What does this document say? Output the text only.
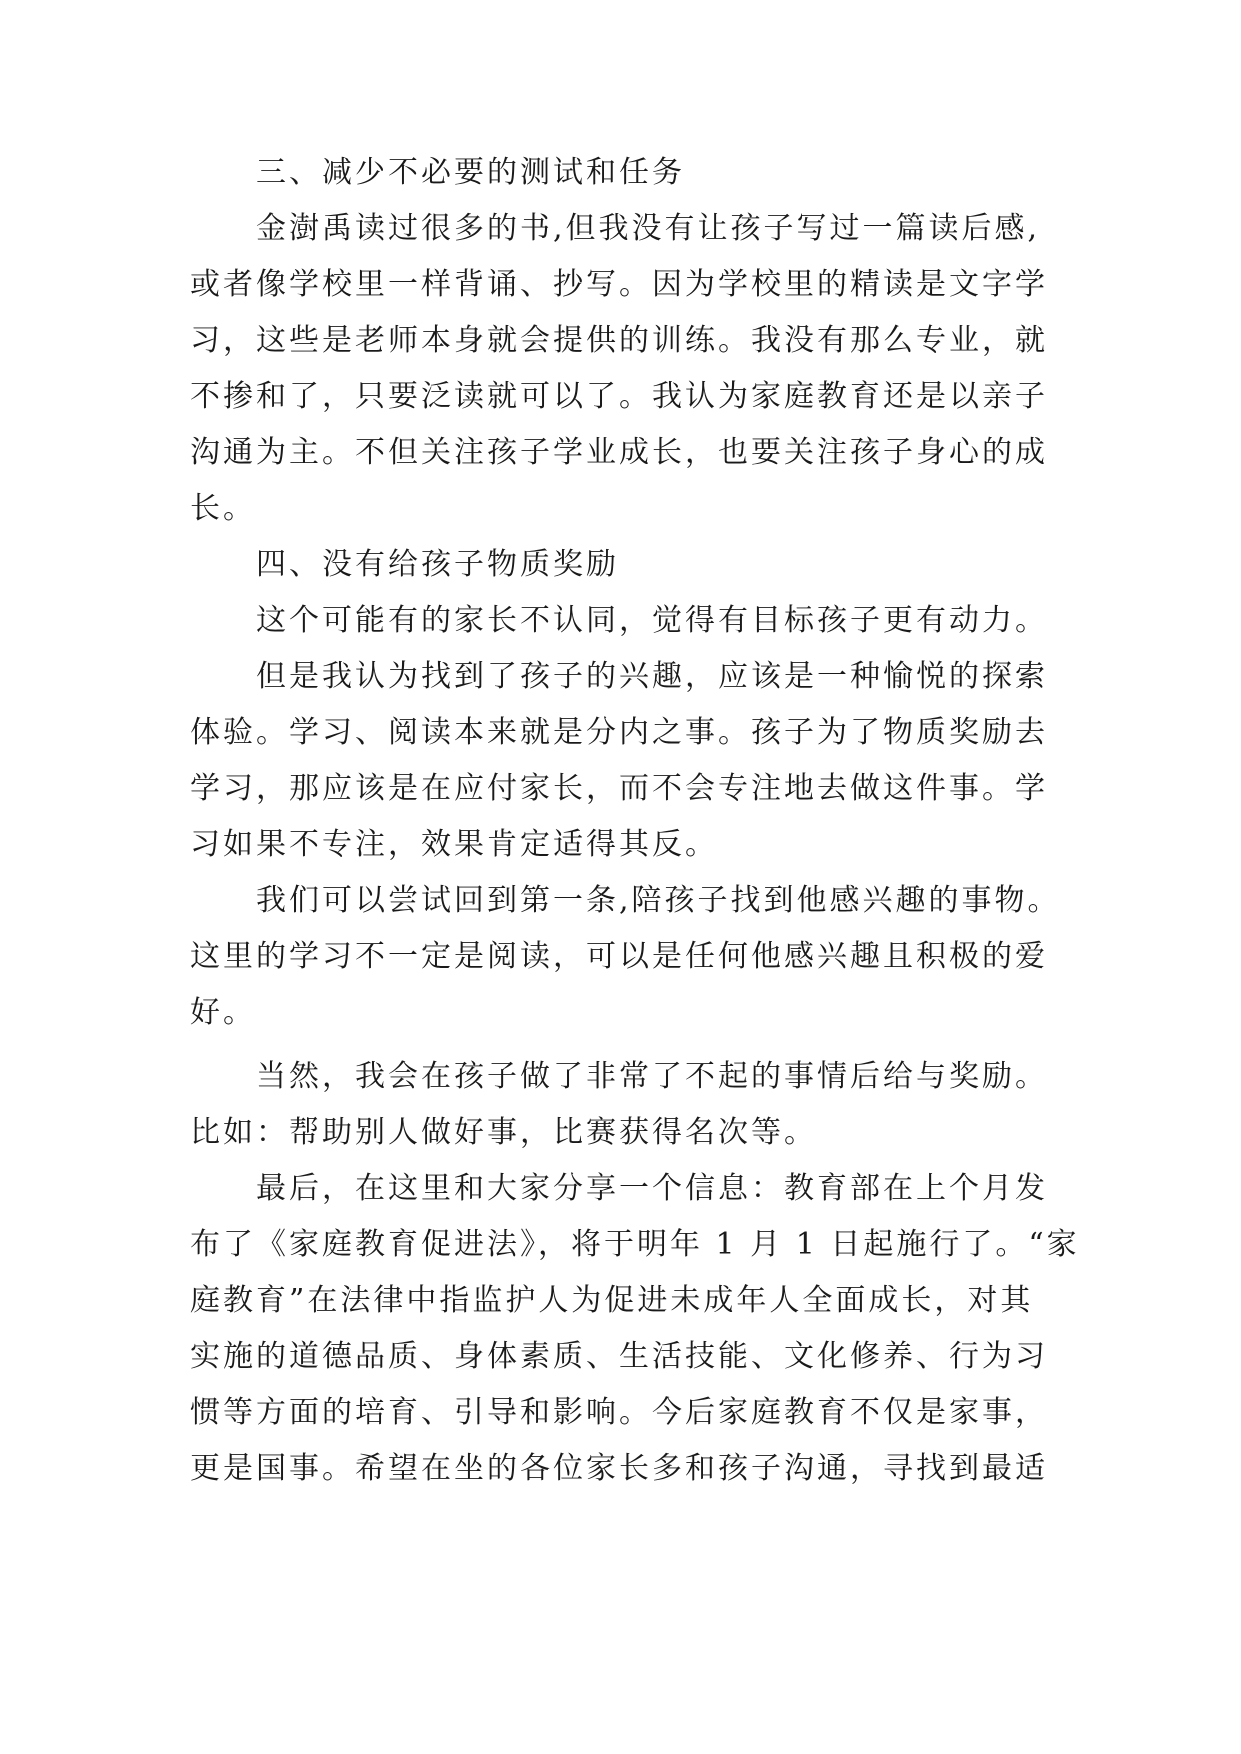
三、减少不必要的测试和任务
金澍禹读过很多的书,但我没有让孩子写过一篇读后感,
或者像学校里一样背诵、抄写。因为学校里的精读是文字学
习，这些是老师本身就会提供的训练。我没有那么专业，就
不掺和了，只要泛读就可以了。我认为家庭教育还是以亲子
沟通为主。不但关注孩子学业成长，也要关注孩子身心的成
长。
四、没有给孩子物质奖励
这个可能有的家长不认同，觉得有目标孩子更有动力。
但是我认为找到了孩子的兴趣，应该是一种愉悦的探索
体验。学习、阅读本来就是分内之事。孩子为了物质奖励去
学习，那应该是在应付家长，而不会专注地去做这件事。学
习如果不专注，效果肯定适得其反。
我们可以尝试回到第一条,陪孩子找到他感兴趣的事物。
这里的学习不一定是阅读，可以是任何他感兴趣且积极的爱
好。
当然，我会在孩子做了非常了不起的事情后给与奖励。
比如：帮助别人做好事，比赛获得名次等。
最后，在这里和大家分享一个信息：教育部在上个月发
布了《家庭教育促进法》，将于明年 1 月 1 日起施行了。“家
庭教育”在法律中指监护人为促进未成年人全面成长，对其
实施的道德品质、身体素质、生活技能、文化修养、行为习
惯等方面的培育、引导和影响。今后家庭教育不仅是家事，
更是国事。希望在坐的各位家长多和孩子沟通，寻找到最适
